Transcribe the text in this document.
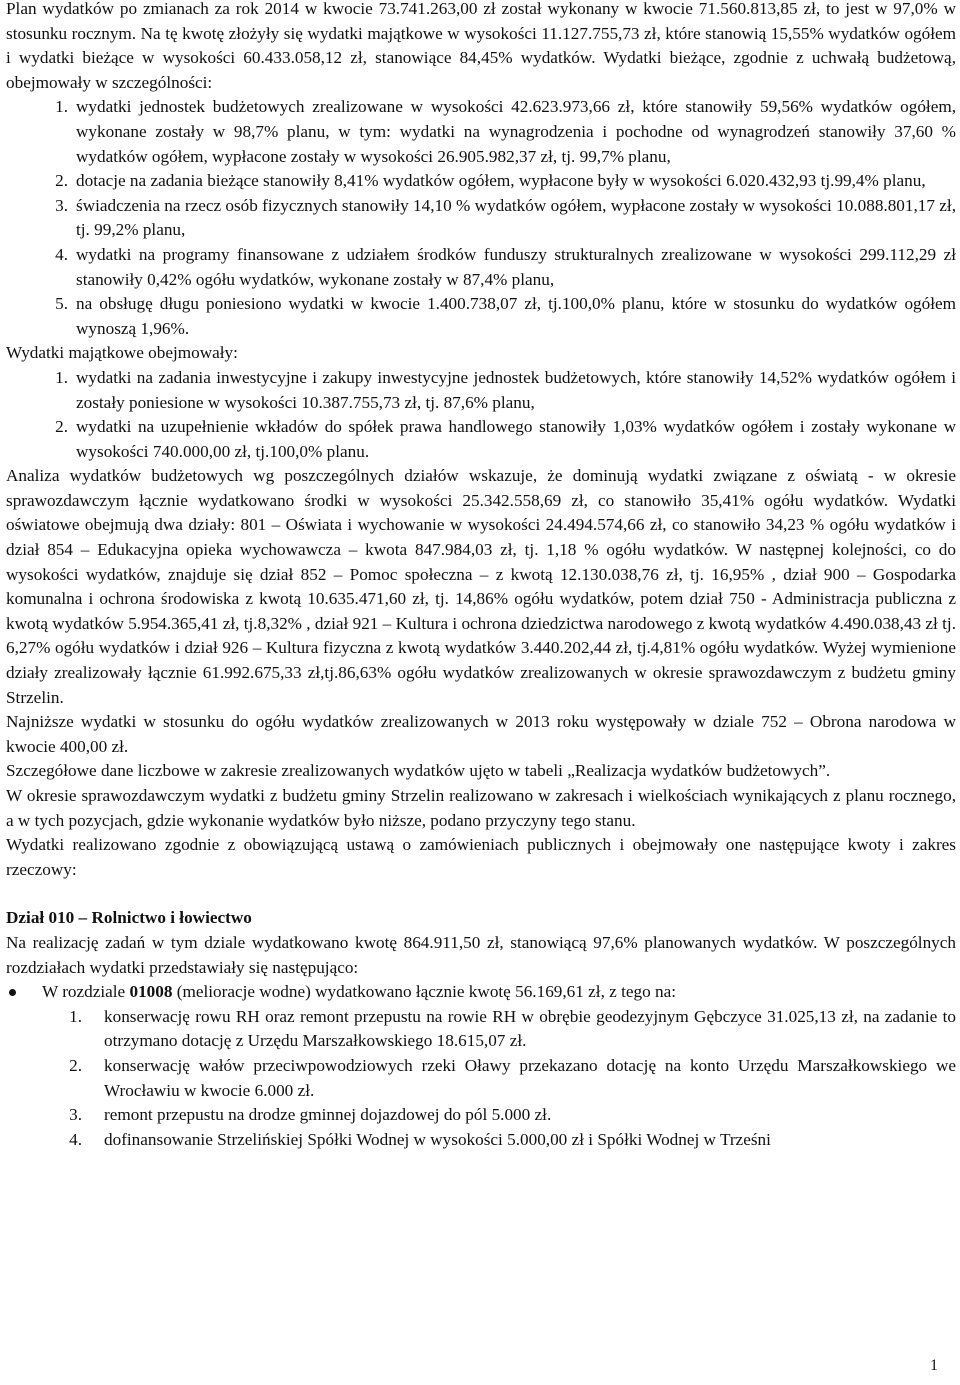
Plan wydatków po zmianach za rok 2014 w kwocie 73.741.263,00 zł został wykonany w kwocie 71.560.813,85 zł, to jest w 97,0% w stosunku rocznym. Na tę kwotę złożyły się wydatki majątkowe w wysokości 11.127.755,73 zł, które stanowią 15,55% wydatków ogółem i wydatki bieżące w wysokości 60.433.058,12 zł, stanowiące 84,45% wydatków. Wydatki bieżące, zgodnie z uchwałą budżetową, obejmowały w szczególności:

1 . wydatki jednostek budżetowych zrealizowane w wysokości 42.623.973,66 zł, które stanowiły 59,56% wydatków ogółem, wykonane zostały w 98,7% planu, w tym: wydatki na wynagrodzenia i pochodne od wynagrodzeń stanowiły 37,60 % wydatków ogółem, wypłacone zostały w wysokości 26.905.982,37 zł, tj. 99,7% planu,
2 . dotacje na zadania bieżące stanowiły 8,41% wydatków ogółem, wypłacone były w wysokości 6.020.432,93 tj.99,4% planu,
3 . świadczenia na rzecz osób fizycznych stanowiły 14,10 % wydatków ogółem, wypłacone zostały w wysokości 10.088.801,17 zł, tj. 99,2% planu,
4 . wydatki na programy finansowane z udziałem środków funduszy strukturalnych zrealizowane w wysokości 299.112,29 zł stanowiły 0,42% ogółu wydatków, wykonane zostały w 87,4% planu,
5 . na obsługę długu poniesiono wydatki w kwocie 1.400.738,07 zł, tj.100,0% planu, które w stosunku do wydatków ogółem wynoszą 1,96%.

Wydatki majątkowe obejmowały:

1 . wydatki na zadania inwestycyjne i zakupy inwestycyjne jednostek budżetowych, które stanowiły 14,52% wydatków ogółem i zostały poniesione w wysokości 10.387.755,73 zł, tj. 87,6% planu,
2 . wydatki na uzupełnienie wkładów do spółek prawa handlowego stanowiły 1,03% wydatków ogółem i zostały wykonane w wysokości 740.000,00 zł, tj.100,0% planu.

Analiza wydatków budżetowych wg poszczególnych działów wskazuje, że dominują wydatki związane z oświatą - w okresie sprawozdawczym łącznie wydatkowano środki w wysokości 25.342.558,69 zł, co stanowiło 35,41% ogółu wydatków. Wydatki oświatowe obejmują dwa działy: 801 – Oświata i wychowanie w wysokości 24.494.574,66 zł, co stanowiło 34,23 % ogółu wydatków i dział 854 – Edukacyjna opieka wychowawcza – kwota 847.984,03 zł, tj. 1,18 % ogółu wydatków. W następnej kolejności, co do wysokości wydatków, znajduje się dział 852 – Pomoc społeczna – z kwotą 12.130.038,76 zł, tj. 16,95% , dział 900 – Gospodarka komunalna i ochrona środowiska z kwotą 10.635.471,60 zł, tj. 14,86% ogółu wydatków, potem dział 750 - Administracja publiczna z kwotą wydatków 5.954.365,41 zł, tj.8,32% , dział 921 – Kultura i ochrona dziedzictwa narodowego z kwotą wydatków 4.490.038,43 zł tj. 6,27% ogółu wydatków i dział 926 – Kultura fizyczna z kwotą wydatków 3.440.202,44 zł, tj.4,81% ogółu wydatków. Wyżej wymienione działy zrealizowały łącznie 61.992.675,33 zł,tj.86,63% ogółu wydatków zrealizowanych w okresie sprawozdawczym z budżetu gminy Strzelin.

Najniższe wydatki w stosunku do ogółu wydatków zrealizowanych w 2013 roku występowały w dziale 752 – Obrona narodowa w kwocie 400,00 zł.

Szczegółowe dane liczbowe w zakresie zrealizowanych wydatków ujęto w tabeli „Realizacja wydatków budżetowych”.

W okresie sprawozdawczym wydatki z budżetu gminy Strzelin realizowano w zakresach i wielkościach wynikających z planu rocznego, a w tych pozycjach, gdzie wykonanie wydatków było niższe, podano przyczyny tego stanu.

Wydatki realizowano zgodnie z obowiązującą ustawą o zamówieniach publicznych i obejmowały one następujące kwoty i zakres rzeczowy:

Dział 010 – Rolnictwo i łowiectwo

Na realizację zadań w tym dziale wydatkowano kwotę 864.911,50 zł, stanowiącą 97,6% planowanych wydatków. W poszczególnych rozdziałach wydatki przedstawiały się następująco:

W rozdziale 01008 (melioracje wodne) wydatkowano łącznie kwotę 56.169,61 zł, z tego na:
1 . konserwację rowu RH oraz remont przepustu na rowie RH w obrębie geodezyjnym Gębczyce 31.025,13 zł, na zadanie to otrzymano dotację z Urzędu Marszałkowskiego 18.615,07 zł.
2 . konserwację wałów przeciwpowodziowych rzeki Oławy przekazano dotację na konto Urzędu Marszałkowskiego we Wrocławiu w kwocie 6.000 zł.
3 . remont przepustu na drodze gminnej dojazdowej do pól 5.000 zł.
4 . dofinansowanie Strzelińskiej Spółki Wodnej w wysokości 5.000,00 zł i Spółki Wodnej w Trześni
1
